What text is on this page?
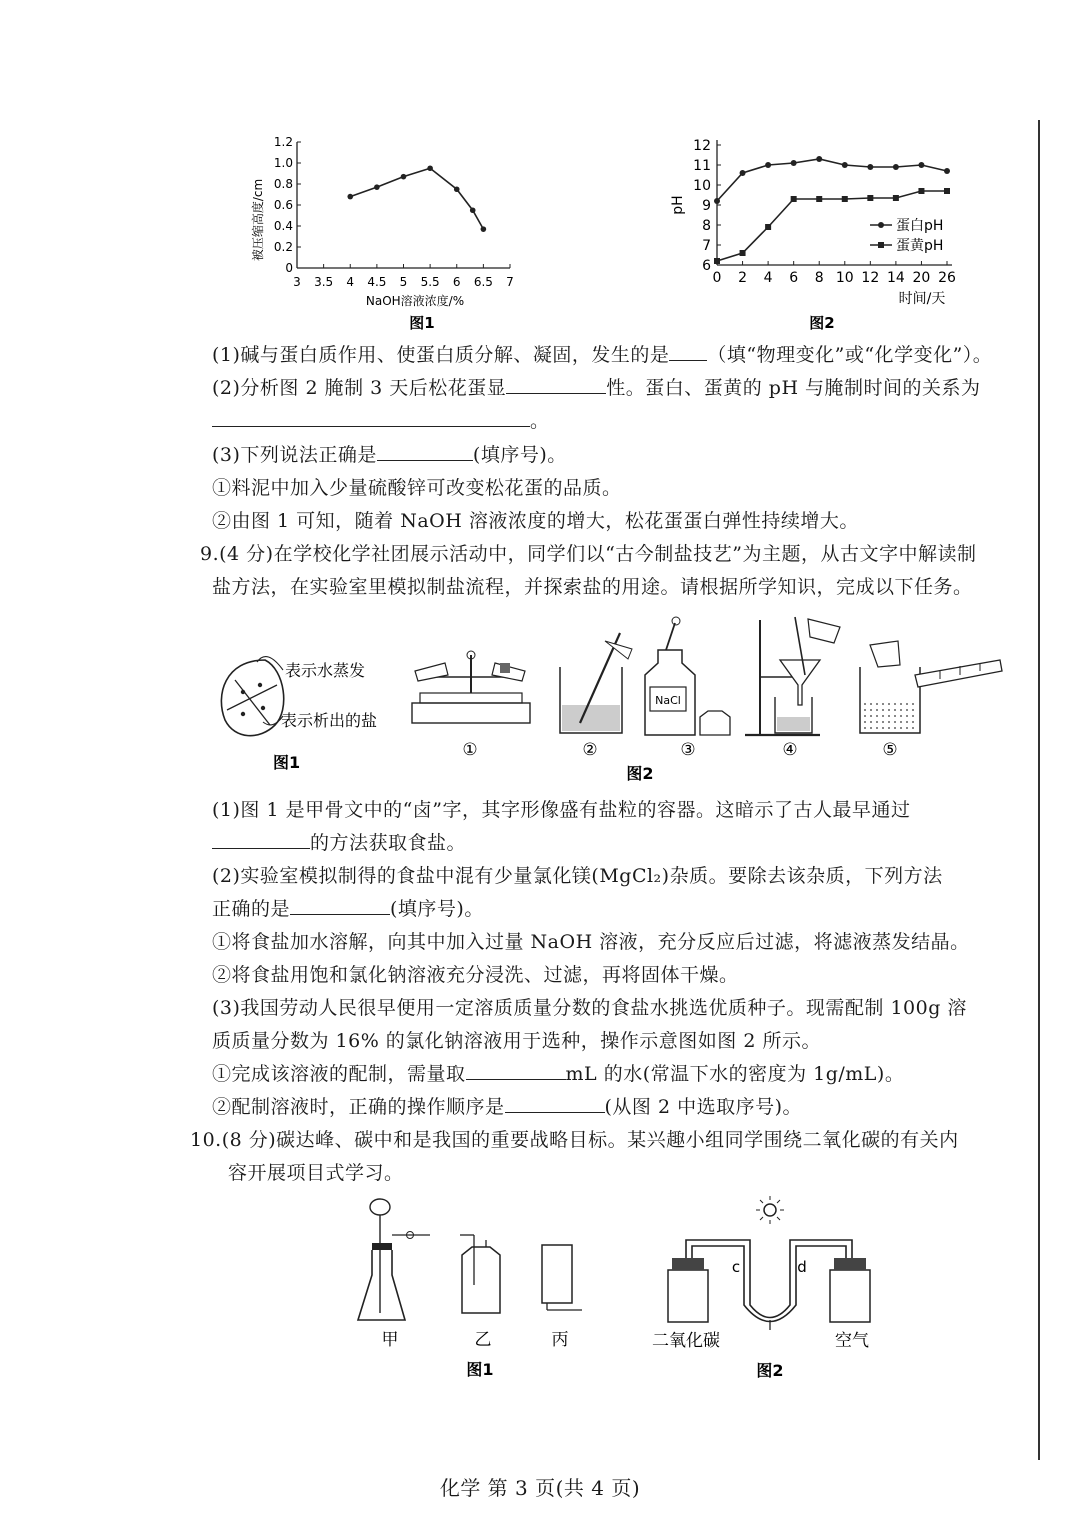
3 3.5 4 4.5 5 5.5 6 6.5 7
0
0.2
0.4
0.6
0.8
1.0
1.2
被压缩高度/cm
NaOH溶液浓度/%
图1
0 2 4 6 8 10 12 14 20 26
6
7
8
9
10
11
12
pH
蛋白pH
蛋黄pH
时间/天
图2
(1)碱与蛋白质作用、使蛋白质分解、凝固，发生的是 （填“物理变化”或“化学变化”）。
(2)分析图 2 腌制 3 天后松花蛋显	性。蛋白、蛋黄的 pH 与腌制时间的关系为
。
(3)下列说法正确是	(填序号)。
①料泥中加入少量硫酸锌可改变松花蛋的品质。
②由图 1 可知，随着 NaOH 溶液浓度的增大，松花蛋蛋白弹性持续增大。
9.(4 分)在学校化学社团展示活动中，同学们以“古今制盐技艺”为主题，从古文字中解读制
盐方法，在实验室里模拟制盐流程，并探索盐的用途。请根据所学知识，完成以下任务。
表示水蒸发
表示析出的盐
图1
NaCl
①	②	③	④	⑤
图2
(1)图 1 是甲骨文中的“卤”字，其字形像盛有盐粒的容器。这暗示了古人最早通过
的方法获取食盐。
(2)实验室模拟制得的食盐中混有少量氯化镁(MgCl₂)杂质。要除去该杂质，下列方法
正确的是	(填序号)。
①将食盐加水溶解，向其中加入过量 NaOH 溶液，充分反应后过滤，将滤液蒸发结晶。
②将食盐用饱和氯化钠溶液充分浸洗、过滤，再将固体干燥。
(3)我国劳动人民很早便用一定溶质质量分数的食盐水挑选优质种子。现需配制 100g 溶
质质量分数为 16% 的氯化钠溶液用于选种，操作示意图如图 2 所示。
①完成该溶液的配制，需量取	mL 的水(常温下水的密度为 1g/mL)。
②配制溶液时，正确的操作顺序是	(从图 2 中选取序号)。
10.(8 分)碳达峰、碳中和是我国的重要战略目标。某兴趣小组同学围绕二氧化碳的有关内
容开展项目式学习。
甲	乙	丙
图1
c	d
二氧化碳	空气
图2
化学 第 3 页(共 4 页)
